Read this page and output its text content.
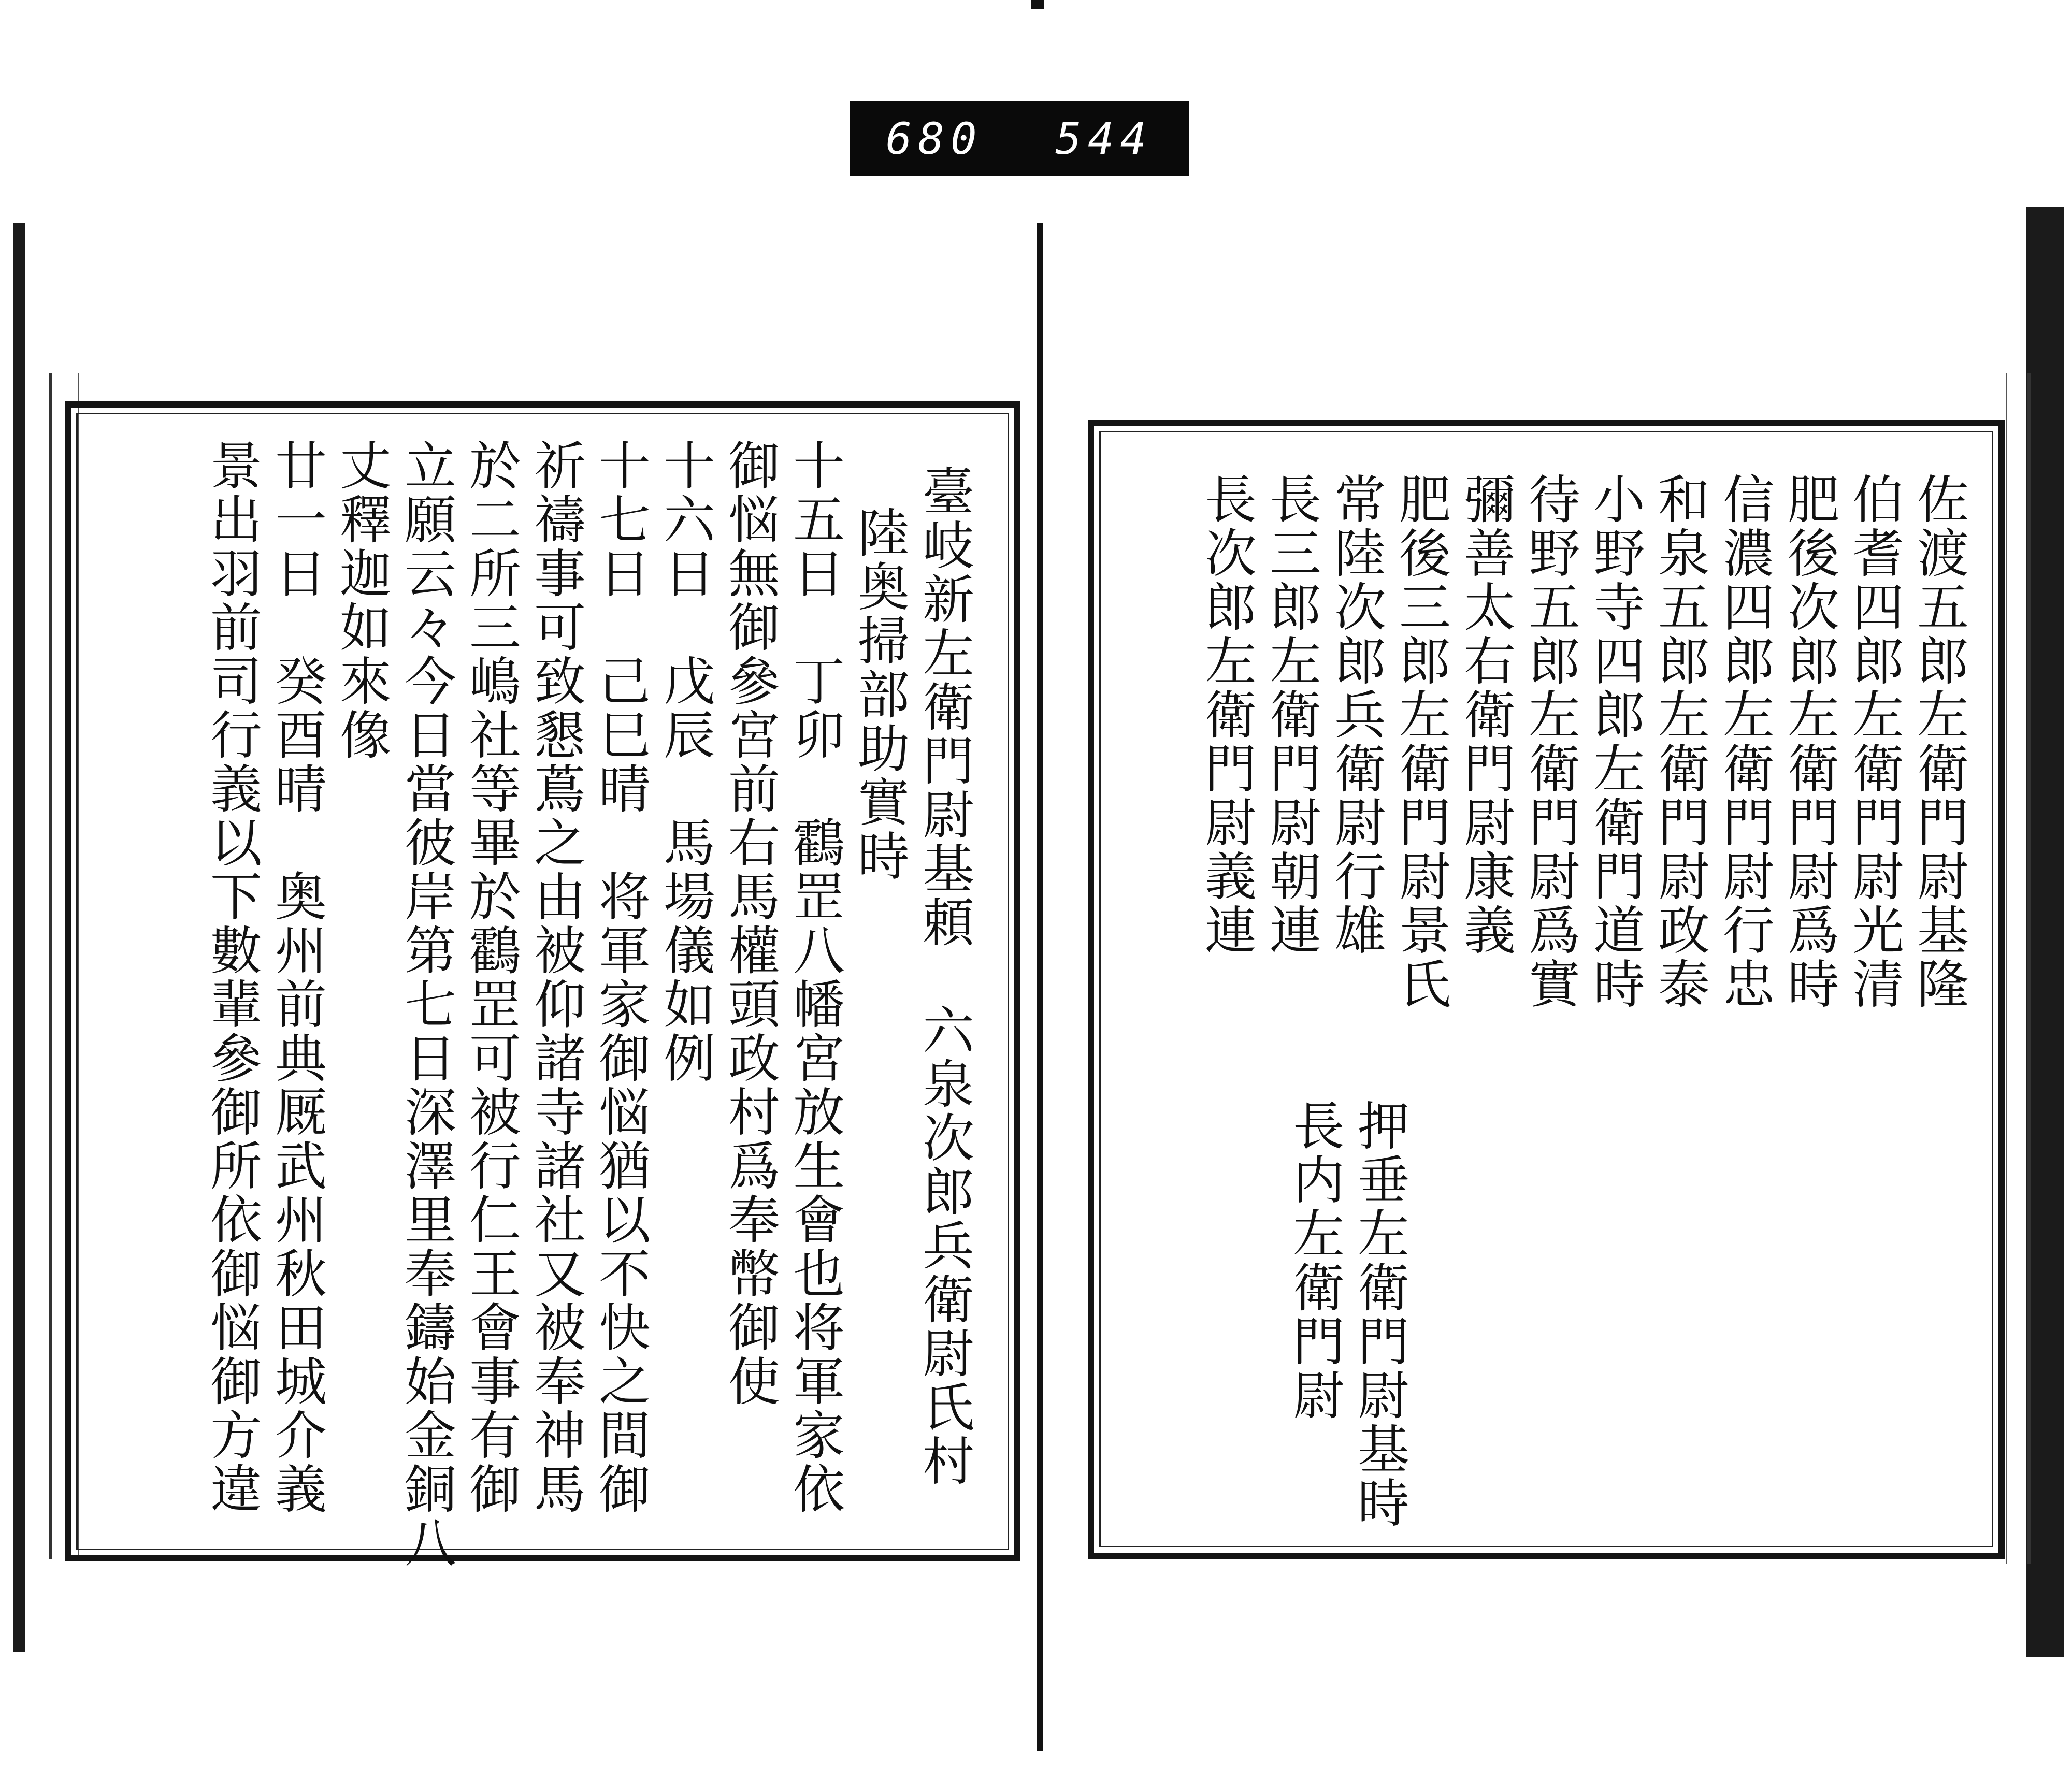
680 544
臺岐新左衛門尉基頼　六泉次郎兵衛尉氏村
陸奥掃部助實時
十五日　丁卯　鸖罡八幡宮放生會也将軍家依
御悩無御參宮前右馬權頭政村爲奉幣御使
十六日　戊辰　馬場儀如例
十七日　己巳晴　将軍家御悩猶以不快之間御
祈禱事可致懇蔦之由被仰諸寺諸社又被奉神馬
於二所三嶋社等畢於鸖罡可被行仁王會事有御
立願云々今日當彼岸第七日深澤里奉鑄始金銅八
丈釋迦如來像
廿一日　癸酉晴　奥州前典厩武州秋田城介義
景出羽前司行義以下數輩參御所依御悩御方違	佐渡五郎左衛門尉基隆
伯耆四郎左衛門尉光清
肥後次郎左衛門尉爲時
信濃四郎左衛門尉行忠
和泉五郎左衛門尉政泰
小野寺四郎左衛門道時
待野五郎左衛門尉爲實
彌善太右衛門尉康義
肥後三郎左衛門尉景氏
常陸次郎兵衛尉行雄
長三郎左衛門尉朝連
長次郎左衛門尉義連
押垂左衛門尉基時
長内左衛門尉
